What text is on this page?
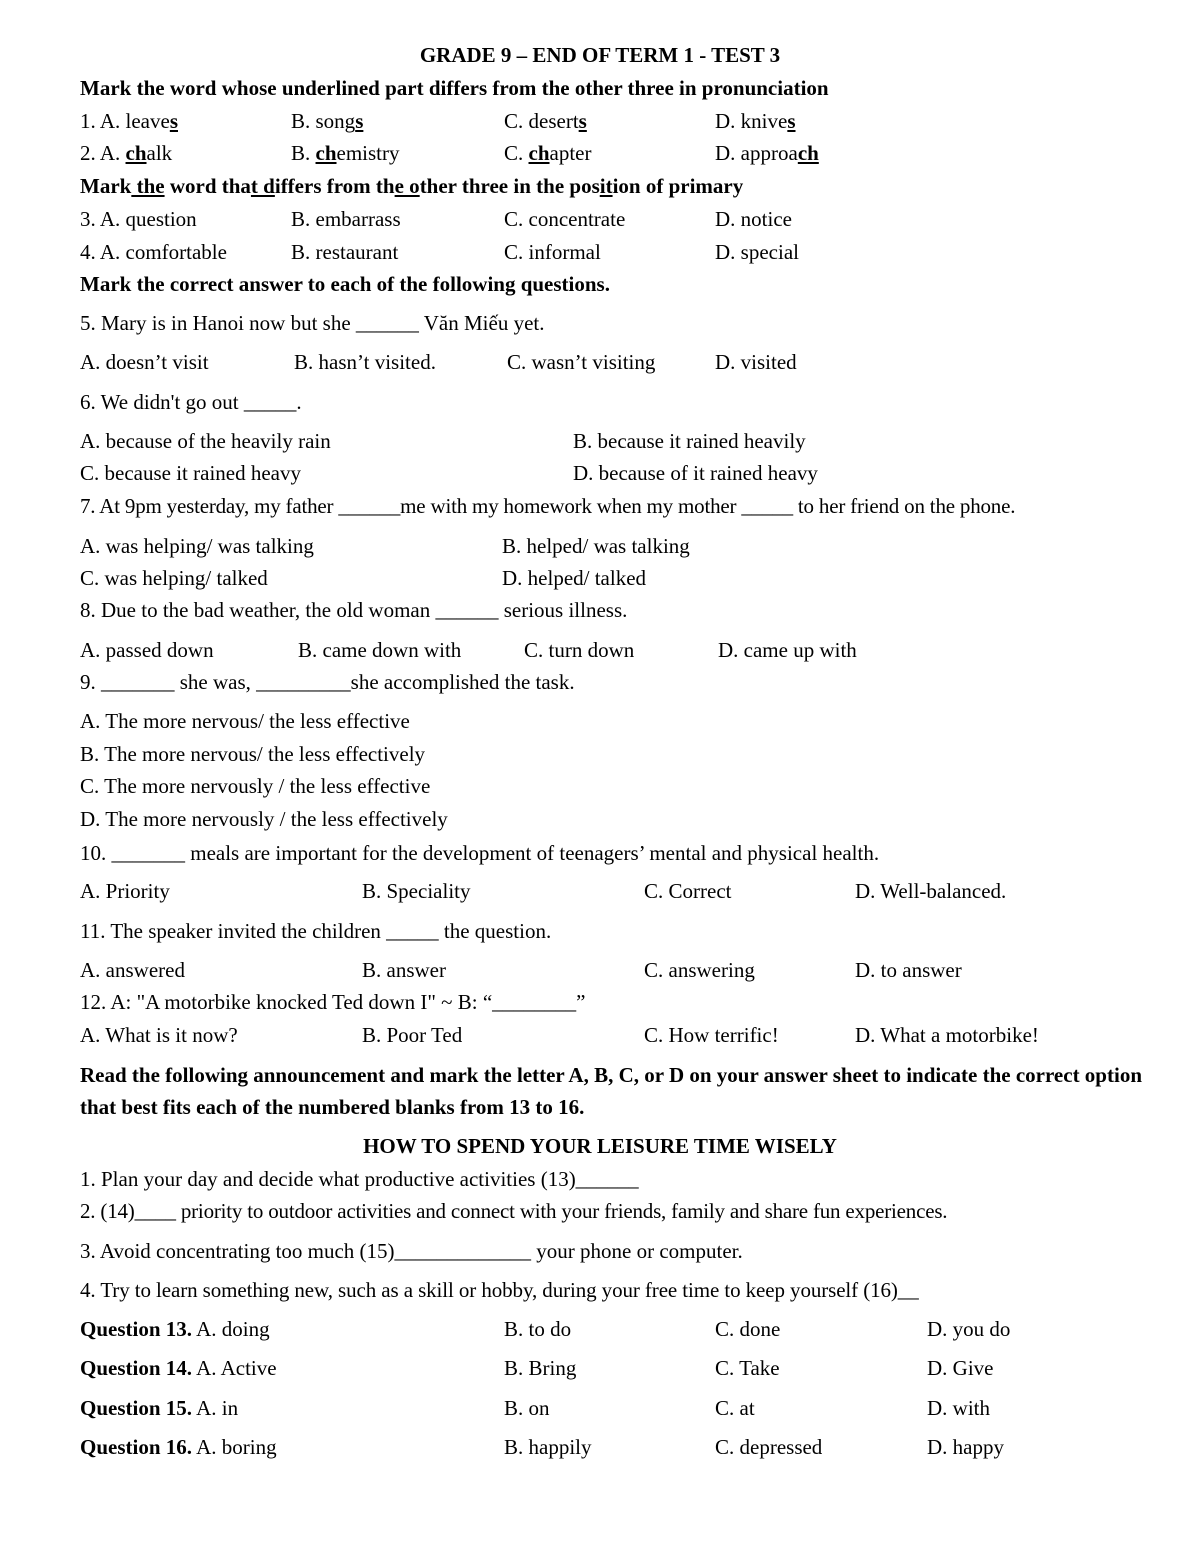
GRADE 9 – END OF TERM 1 - TEST 3
Mark the word whose underlined part differs from the other three in pronunciation
1. A. leaves	B. songs	C. deserts	D. knives
2. A. chalk	B. chemistry	C. chapter	D. approach
Mark the word that differs from the other three in the position of primary
3. A. question	B. embarrass	C. concentrate	D. notice
4. A. comfortable	B. restaurant	C. informal	D. special
Mark the correct answer to each of the following questions.
5. Mary is in Hanoi now but she ______ Văn Miếu yet.
A. doesn’t visit	B. hasn’t visited.	C. wasn’t visiting	D. visited
6. We didn't go out _____.
A. because of the heavily rain	B. because it rained heavily
C. because it rained heavy	D. because of it rained heavy
7. At 9pm yesterday, my father ______me with my homework when my mother _____ to her friend on the phone.
A. was helping/ was talking	B. helped/ was talking
C. was helping/ talked	D. helped/ talked
8. Due to the bad weather, the old woman ______ serious illness.
A. passed down	B. came down with	C. turn down	D. came up with
9. _______ she was, _________she accomplished the task.
A. The more nervous/ the less effective
B. The more nervous/ the less effectively
C. The more nervously / the less effective
D. The more nervously / the less effectively
10. _______ meals are important for the development of teenagers’ mental and physical health.
A. Priority	B. Speciality	C. Correct	D. Well-balanced.
11. The speaker invited the children _____ the question.
A. answered	B. answer	C. answering	D. to answer
12. A: "A motorbike knocked Ted down I" ~ B: “________”
A. What is it now?	B. Poor Ted	C. How terrific!	D. What a motorbike!
Read the following announcement and mark the letter A, B, C, or D on your answer sheet to indicate the correct option that best fits each of the numbered blanks from 13 to 16.
HOW TO SPEND YOUR LEISURE TIME WISELY
1. Plan your day and decide what productive activities (13)______
2. (14)____ priority to outdoor activities and connect with your friends, family and share fun experiences.
3. Avoid concentrating too much (15)_____________ your phone or computer.
4. Try to learn something new, such as a skill or hobby, during your free time to keep yourself (16)__
Question 13. A. doing	B. to do	C. done	D. you do
Question 14. A. Active	B. Bring	C. Take	D. Give
Question 15. A. in	B. on	C. at	D. with
Question 16. A. boring	B. happily	C. depressed	D. happy
